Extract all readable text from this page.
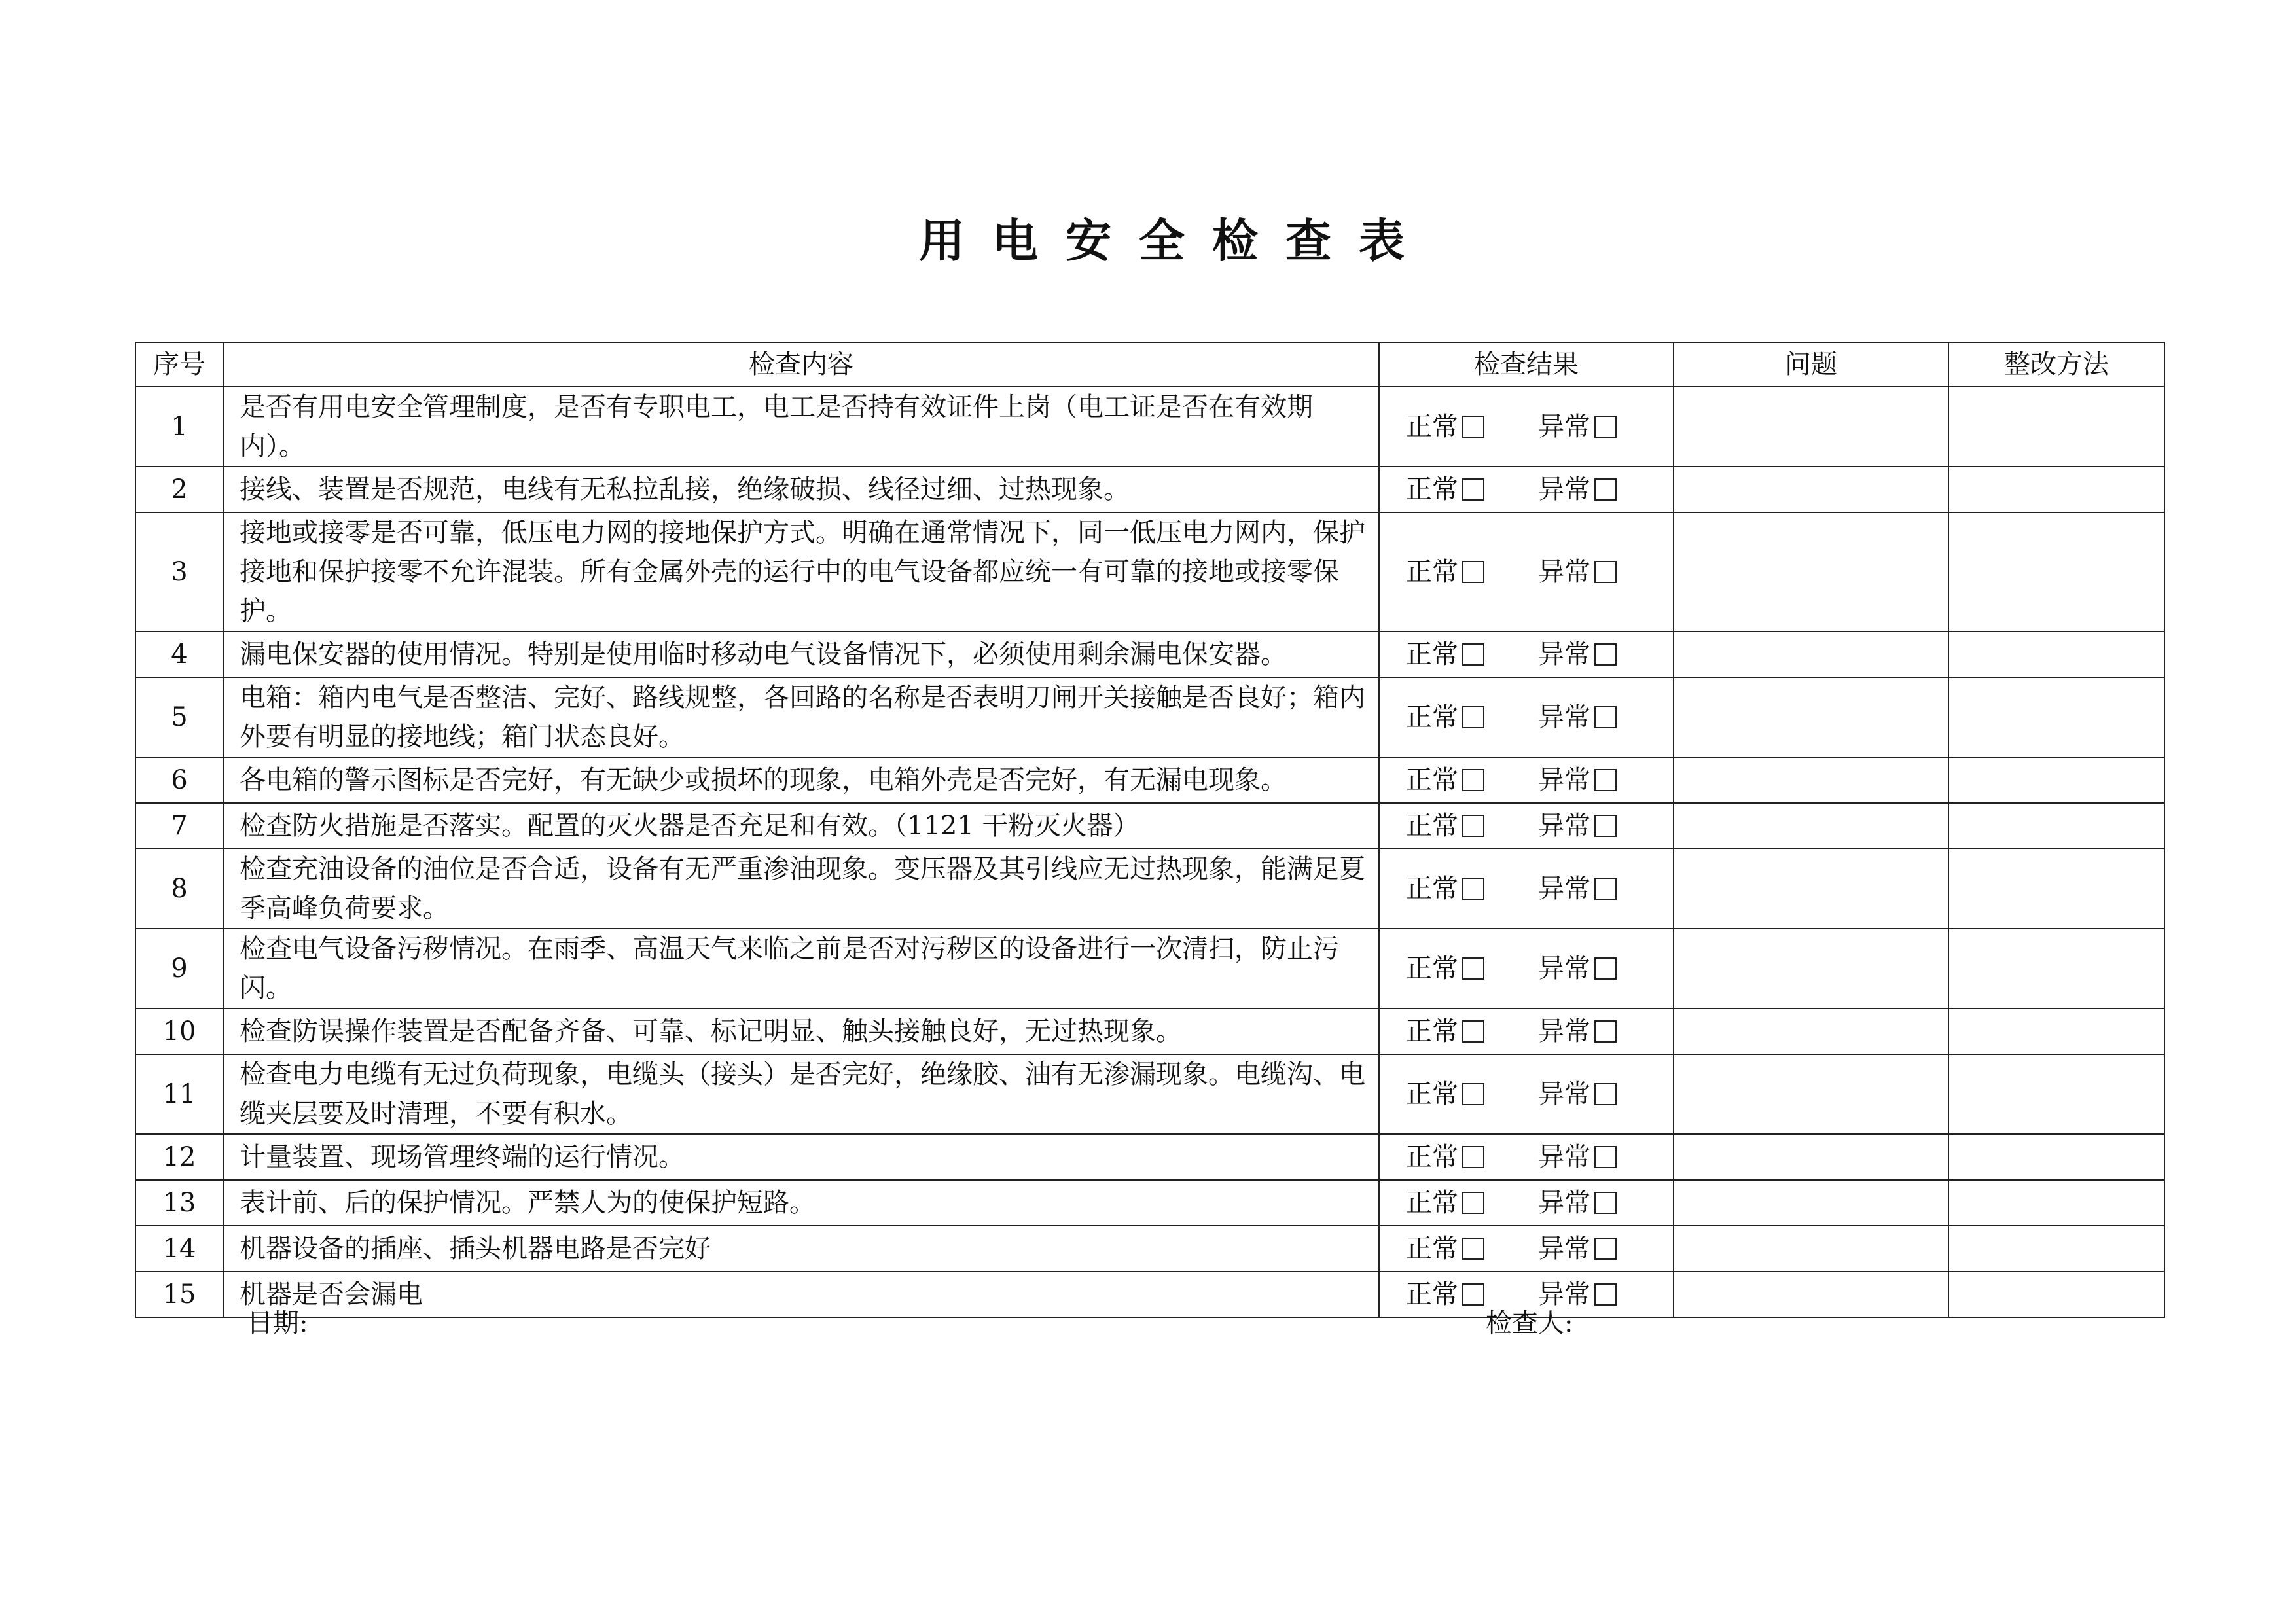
用电安全检查表
序号	检查内容	检查结果	问题	整改方法
1	是否有用电安全管理制度，是否有专职电工，电工是否持有效证件上岗（电工证是否在有效期内）。	正常 异常		

2	接线、装置是否规范，电线有无私拉乱接，绝缘破损、线径过细、过热现象。	正常 异常		

3	接地或接零是否可靠，低压电力网的接地保护方式。明确在通常情况下，同一低压电力网内，保护接地和保护接零不允许混装。所有金属外壳的运行中的电气设备都应统一有可靠的接地或接零保护。	正常 异常		

4	漏电保安器的使用情况。特别是使用临时移动电气设备情况下，必须使用剩余漏电保安器。	正常 异常		

5	电箱：箱内电气是否整洁、完好、路线规整，各回路的名称是否表明刀闸开关接触是否良好；箱内外要有明显的接地线；箱门状态良好。	正常 异常		

6	各电箱的警示图标是否完好，有无缺少或损坏的现象，电箱外壳是否完好，有无漏电现象。	正常 异常		

7	检查防火措施是否落实。配置的灭火器是否充足和有效。（1121 干粉灭火器）	正常 异常		

8	检查充油设备的油位是否合适，设备有无严重渗油现象。变压器及其引线应无过热现象，能满足夏季高峰负荷要求。	正常 异常		

9	检查电气设备污秽情况。在雨季、高温天气来临之前是否对污秽区的设备进行一次清扫，防止污闪。	正常 异常		

10	检查防误操作装置是否配备齐备、可靠、标记明显、触头接触良好，无过热现象。	正常 异常		

11	检查电力电缆有无过负荷现象，电缆头（接头）是否完好，绝缘胶、油有无渗漏现象。电缆沟、电缆夹层要及时清理，不要有积水。	正常 异常		

12	计量装置、现场管理终端的运行情况。	正常 异常		

13	表计前、后的保护情况。严禁人为的使保护短路。	正常 异常		

14	机器设备的插座、插头机器电路是否完好	正常 异常		

15	机器是否会漏电	正常 异常		

日期:	检查人:
